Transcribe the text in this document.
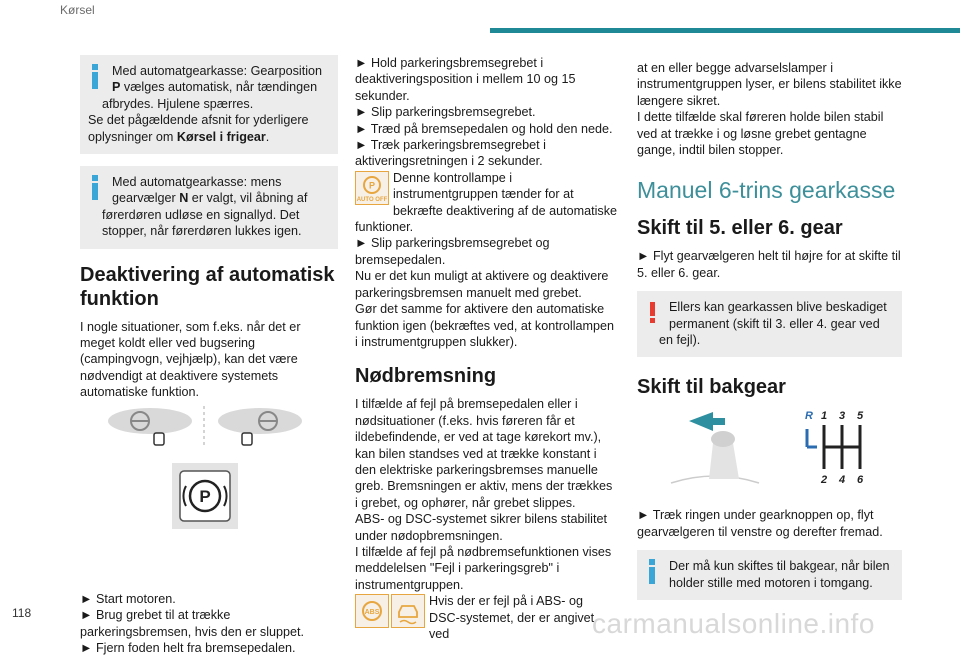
Kørsel

Med automatgearkasse: Gearposition P vælges automatisk, når tændingen afbrydes. Hjulene spærres.

Se det pågældende afsnit for yderligere oplysninger om Kørsel i frigear.

Med automatgearkasse: mens gearvælger N er valgt, vil åbning af førerdøren udløse en signallyd. Det stopper, når førerdøren lukkes igen.

Deaktivering af automatisk funktion

I nogle situationer, som f.eks. når det er meget koldt eller ved bugsering (campingvogn, vejhjælp), kan det være nødvendigt at deaktivere systemets automatiske funktion.

P

► Start motoren.

► Brug grebet til at trække parkeringsbremsen, hvis den er sluppet.

► Fjern foden helt fra bremsepedalen.

► Hold parkeringsbremsegrebet i deaktiveringsposition i mellem 10 og 15 sekunder.

► Slip parkeringsbremsegrebet.

► Træd på bremsepedalen og hold den nede.

► Træk parkeringsbremsegrebet i aktiveringsretningen i 2 sekunder.

P
AUTO OFF

Denne kontrollampe i instrumentgruppen tænder for at bekræfte deaktivering af de automatiske funktioner.

► Slip parkeringsbremsegrebet og bremsepedalen.

Nu er det kun muligt at aktivere og deaktivere parkeringsbremsen manuelt med grebet.

Gør det samme for aktivere den automatiske funktion igen (bekræftes ved, at kontrollampen i instrumentgruppen slukker).

Nødbremsning

I tilfælde af fejl på bremsepedalen eller i nødsituationer (f.eks. hvis føreren får et ildebefindende, er ved at tage kørekort mv.), kan bilen standses ved at trække konstant i den elektriske parkeringsbremses manuelle greb. Bremsningen er aktiv, mens der trækkes i grebet, og ophører, når grebet slippes.

ABS- og DSC-systemet sikrer bilens stabilitet under nødopbremsningen.

I tilfælde af fejl på nødbremsefunktionen vises meddelelsen "Fejl i parkeringsgreb" i instrumentgruppen.

ABS

Hvis der er fejl på i ABS- og DSC-systemet, der er angivet ved

at en eller begge advarselslamper i instrumentgruppen lyser, er bilens stabilitet ikke længere sikret.

I dette tilfælde skal føreren holde bilen stabil ved at trække i og løsne grebet gentagne gange, indtil bilen stopper.

Manuel 6-trins gearkasse
Skift til 5. eller 6. gear

► Flyt gearvælgeren helt til højre for at skifte til 5. eller 6. gear.

Ellers kan gearkassen blive beskadiget permanent (skift til 3. eller 4. gear ved en fejl).

Skift til bakgear
R 1 3 5
2 4 6

► Træk ringen under gearknoppen op, flyt gearvælgeren til venstre og derefter fremad.

Der må kun skiftes til bakgear, når bilen holder stille med motoren i tomgang.

118	carmanualsonline.info
